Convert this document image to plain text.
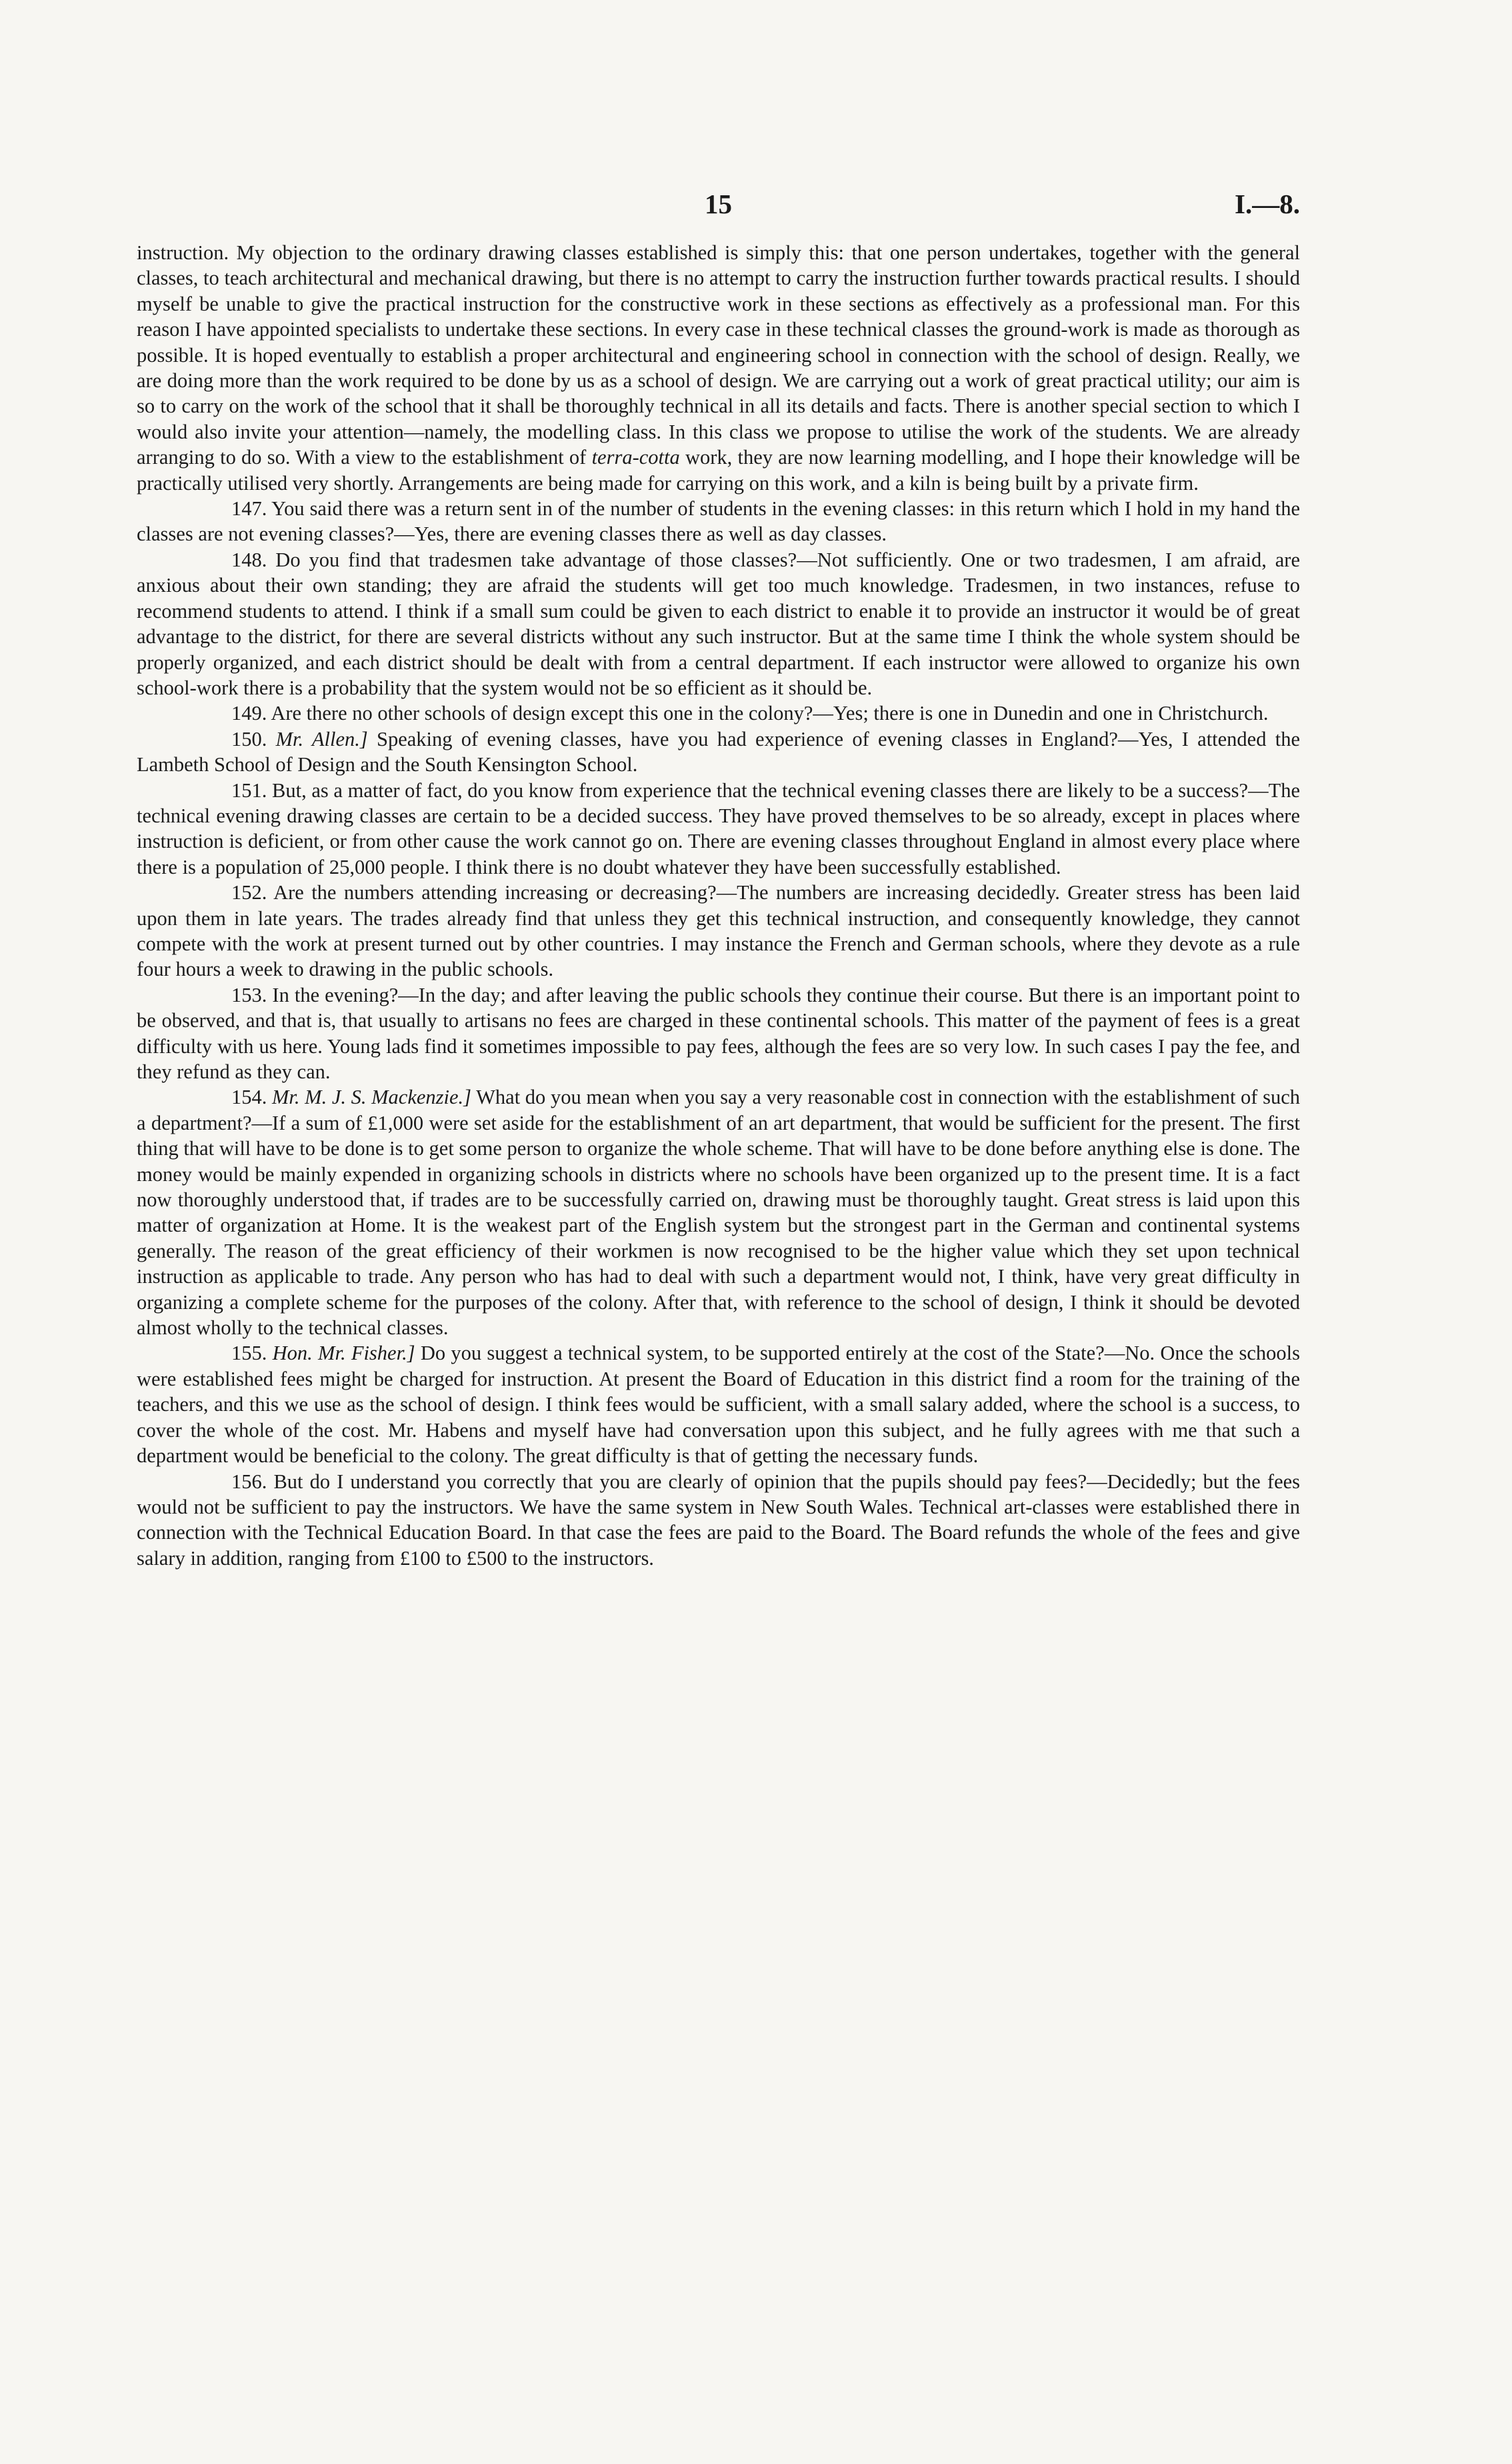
15	I.—8.

instruction. My objection to the ordinary drawing classes established is simply this: that one person undertakes, together with the general classes, to teach architectural and mechanical drawing, but there is no attempt to carry the instruction further towards practical results. I should myself be unable to give the practical instruction for the constructive work in these sections as effectively as a professional man. For this reason I have appointed specialists to undertake these sections. In every case in these technical classes the ground-work is made as thorough as possible. It is hoped eventually to establish a proper architectural and engineering school in connection with the school of design. Really, we are doing more than the work required to be done by us as a school of design. We are carrying out a work of great practical utility; our aim is so to carry on the work of the school that it shall be thoroughly technical in all its details and facts. There is another special section to which I would also invite your attention—namely, the modelling class. In this class we propose to utilise the work of the students. We are already arranging to do so. With a view to the establishment of terra-cotta work, they are now learning modelling, and I hope their knowledge will be practically utilised very shortly. Arrangements are being made for carrying on this work, and a kiln is being built by a private firm.

147. You said there was a return sent in of the number of students in the evening classes: in this return which I hold in my hand the classes are not evening classes?—Yes, there are evening classes there as well as day classes.

148. Do you find that tradesmen take advantage of those classes?—Not sufficiently. One or two tradesmen, I am afraid, are anxious about their own standing; they are afraid the students will get too much knowledge. Tradesmen, in two instances, refuse to recommend students to attend. I think if a small sum could be given to each district to enable it to provide an instructor it would be of great advantage to the district, for there are several districts without any such instructor. But at the same time I think the whole system should be properly organized, and each district should be dealt with from a central department. If each instructor were allowed to organize his own school-work there is a probability that the system would not be so efficient as it should be.

149. Are there no other schools of design except this one in the colony?—Yes; there is one in Dunedin and one in Christchurch.

150. Mr. Allen.] Speaking of evening classes, have you had experience of evening classes in England?—Yes, I attended the Lambeth School of Design and the South Kensington School.

151. But, as a matter of fact, do you know from experience that the technical evening classes there are likely to be a success?—The technical evening drawing classes are certain to be a decided success. They have proved themselves to be so already, except in places where instruction is deficient, or from other cause the work cannot go on. There are evening classes throughout England in almost every place where there is a population of 25,000 people. I think there is no doubt whatever they have been successfully established.

152. Are the numbers attending increasing or decreasing?—The numbers are increasing decidedly. Greater stress has been laid upon them in late years. The trades already find that unless they get this technical instruction, and consequently knowledge, they cannot compete with the work at present turned out by other countries. I may instance the French and German schools, where they devote as a rule four hours a week to drawing in the public schools.

153. In the evening?—In the day; and after leaving the public schools they continue their course. But there is an important point to be observed, and that is, that usually to artisans no fees are charged in these continental schools. This matter of the payment of fees is a great difficulty with us here. Young lads find it sometimes impossible to pay fees, although the fees are so very low. In such cases I pay the fee, and they refund as they can.

154. Mr. M. J. S. Mackenzie.] What do you mean when you say a very reasonable cost in connection with the establishment of such a department?—If a sum of £1,000 were set aside for the establishment of an art department, that would be sufficient for the present. The first thing that will have to be done is to get some person to organize the whole scheme. That will have to be done before anything else is done. The money would be mainly expended in organizing schools in districts where no schools have been organized up to the present time. It is a fact now thoroughly understood that, if trades are to be successfully carried on, drawing must be thoroughly taught. Great stress is laid upon this matter of organization at Home. It is the weakest part of the English system but the strongest part in the German and continental systems generally. The reason of the great efficiency of their workmen is now recognised to be the higher value which they set upon technical instruction as applicable to trade. Any person who has had to deal with such a department would not, I think, have very great difficulty in organizing a complete scheme for the purposes of the colony. After that, with reference to the school of design, I think it should be devoted almost wholly to the technical classes.

155. Hon. Mr. Fisher.] Do you suggest a technical system, to be supported entirely at the cost of the State?—No. Once the schools were established fees might be charged for instruction. At present the Board of Education in this district find a room for the training of the teachers, and this we use as the school of design. I think fees would be sufficient, with a small salary added, where the school is a success, to cover the whole of the cost. Mr. Habens and myself have had conversation upon this subject, and he fully agrees with me that such a department would be beneficial to the colony. The great difficulty is that of getting the necessary funds.

156. But do I understand you correctly that you are clearly of opinion that the pupils should pay fees?—Decidedly; but the fees would not be sufficient to pay the instructors. We have the same system in New South Wales. Technical art-classes were established there in connection with the Technical Education Board. In that case the fees are paid to the Board. The Board refunds the whole of the fees and give salary in addition, ranging from £100 to £500 to the instructors.
